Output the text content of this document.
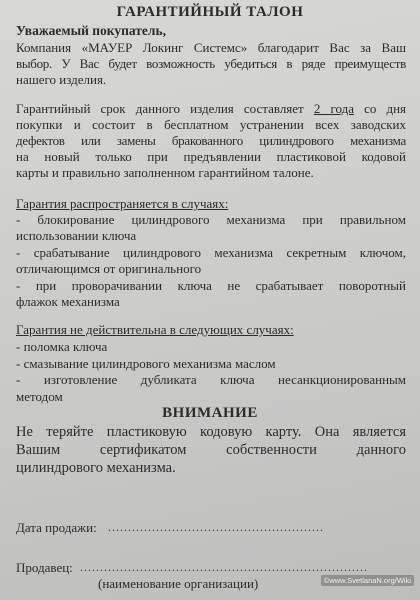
ГАРАНТИЙНЫЙ ТАЛОН
Уважаемый покупатель,
Компания «МАУЕР Локинг Системс» благодарит Вас за Ваш
выбор. У Вас будет возможность убедиться в ряде преимуществ
нашего изделия.
Гарантийный срок данного изделия составляет 2 года со дня
покупки и состоит в бесплатном устранении всех заводских
дефектов или замены бракованного цилиндрового механизма
на новый только при предъявлении пластиковой кодовой
карты и правильно заполненном гарантийном талоне.
Гарантия распространяется в случаях:
- блокирование цилиндрового механизма при правильном
использовании ключа
- срабатывание цилиндрового механизма секретным ключом,
отличающимся от оригинального
- при проворачивании ключа не срабатывает поворотный
флажок механизма
Гарантия не действительна в следующих случаях:
- поломка ключа
- смазывание цилиндрового механизма маслом
- изготовление дубликата ключа несанкционированным
методом
ВНИМАНИЕ
Не теряйте пластиковую кодовую карту. Она является
Вашим сертификатом собственности данного
цилиндрового механизма.
Дата продажи: ......................................................
Продавец: ........................................................................
(наименование организации)	©www.SvetlanaN.org/Wiki
